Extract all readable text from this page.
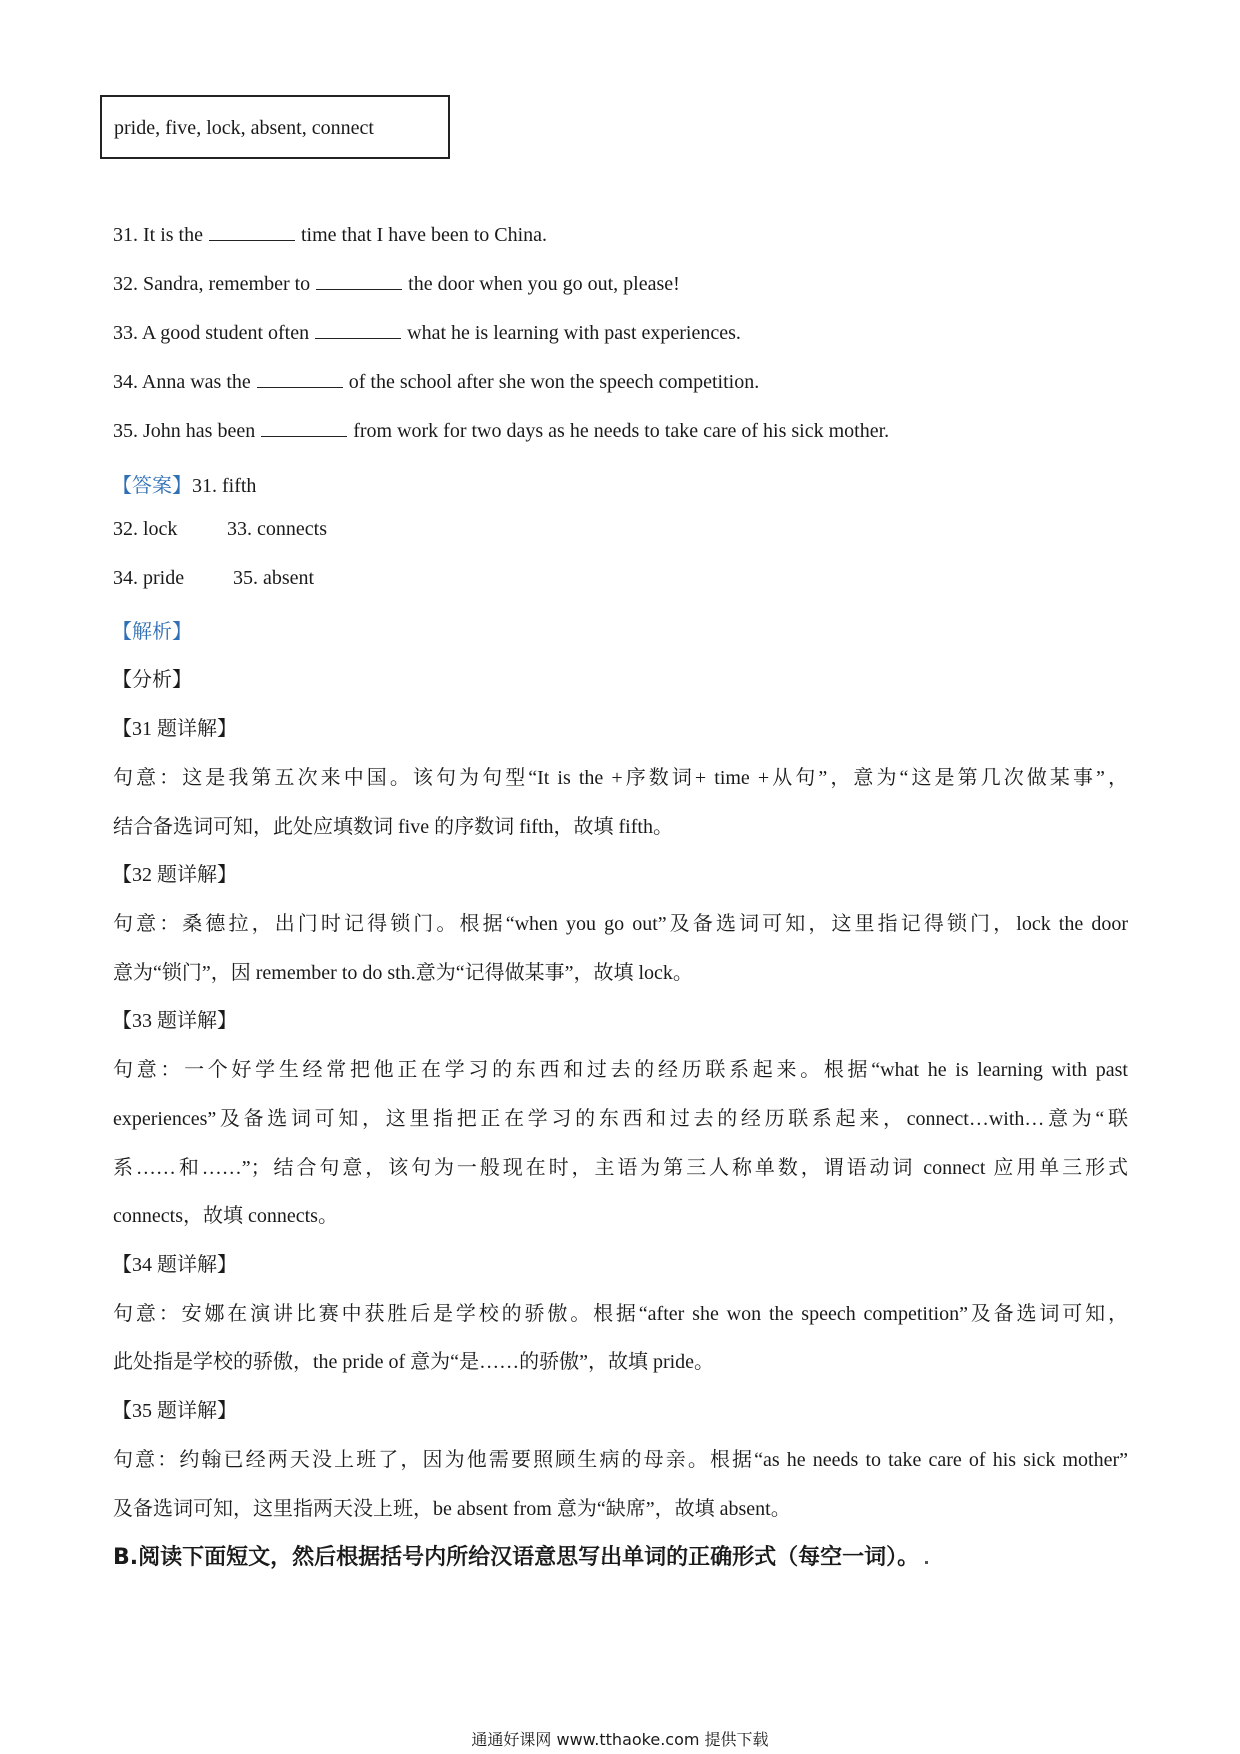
pride, five, lock, absent, connect
31. It is the	time that I have been to China.
32. Sandra, remember to	the door when you go out, please!
33. A good student often	what he is learning with past experiences.
34. Anna was the	of the school after she won the speech competition.
35. John has been	from work for two days as he needs to take care of his sick mother.
【答案】31. fifth
32. lock 33. connects
34. pride 35. absent
【解析】
【分析】
【31 题详解】
句意：这是我第五次来中国。该句为句型“It is the +序数词+ time +从句”，意为“这是第几次做某事”，
结合备选词可知，此处应填数词 five 的序数词 fifth，故填 fifth。
【32 题详解】
句意：桑德拉，出门时记得锁门。根据“when you go out”及备选词可知，这里指记得锁门，lock the door
意为“锁门”，因 remember to do sth.意为“记得做某事”，故填 lock。
【33 题详解】
句意：一个好学生经常把他正在学习的东西和过去的经历联系起来。根据“what he is learning with past
experiences”及备选词可知，这里指把正在学习的东西和过去的经历联系起来，connect…with…意为“联
系……和……”；结合句意，该句为一般现在时，主语为第三人称单数，谓语动词 connect 应用单三形式
connects，故填 connects。
【34 题详解】
句意：安娜在演讲比赛中获胜后是学校的骄傲。根据“after she won the speech competition”及备选词可知，
此处指是学校的骄傲，the pride of 意为“是……的骄傲”，故填 pride。
【35 题详解】
句意：约翰已经两天没上班了，因为他需要照顾生病的母亲。根据“as he needs to take care of his sick mother”
及备选词可知，这里指两天没上班，be absent from 意为“缺席”，故填 absent。
B.阅读下面短文，然后根据括号内所给汉语意思写出单词的正确形式（每空一词）。
通通好课网 www.tthaoke.com 提供下载
